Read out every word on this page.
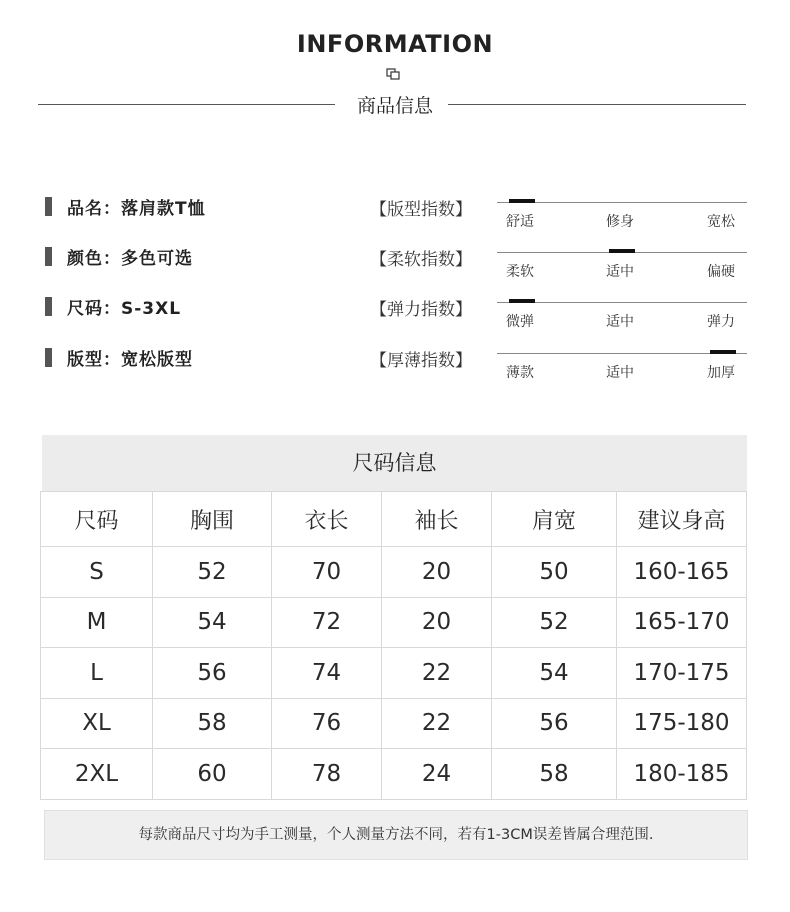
INFORMATION
商品信息
品名：落肩款T恤
颜色：多色可选
尺码：S-3XL
版型：宽松版型
【版型指数】
【柔软指数】
【弹力指数】
【厚薄指数】
舒适	修身	宽松
柔软	适中	偏硬
微弹	适中	弹力
薄款	适中	加厚
尺码信息
尺码	胸围	衣长	袖长	肩宽	建议身高
S	52	70	20	50	160-165
M	54	72	20	52	165-170
L	56	74	22	54	170-175
XL	58	76	22	56	175-180
2XL	60	78	24	58	180-185
每款商品尺寸均为手工测量，个人测量方法不同，若有1-3CM误差皆属合理范围.
